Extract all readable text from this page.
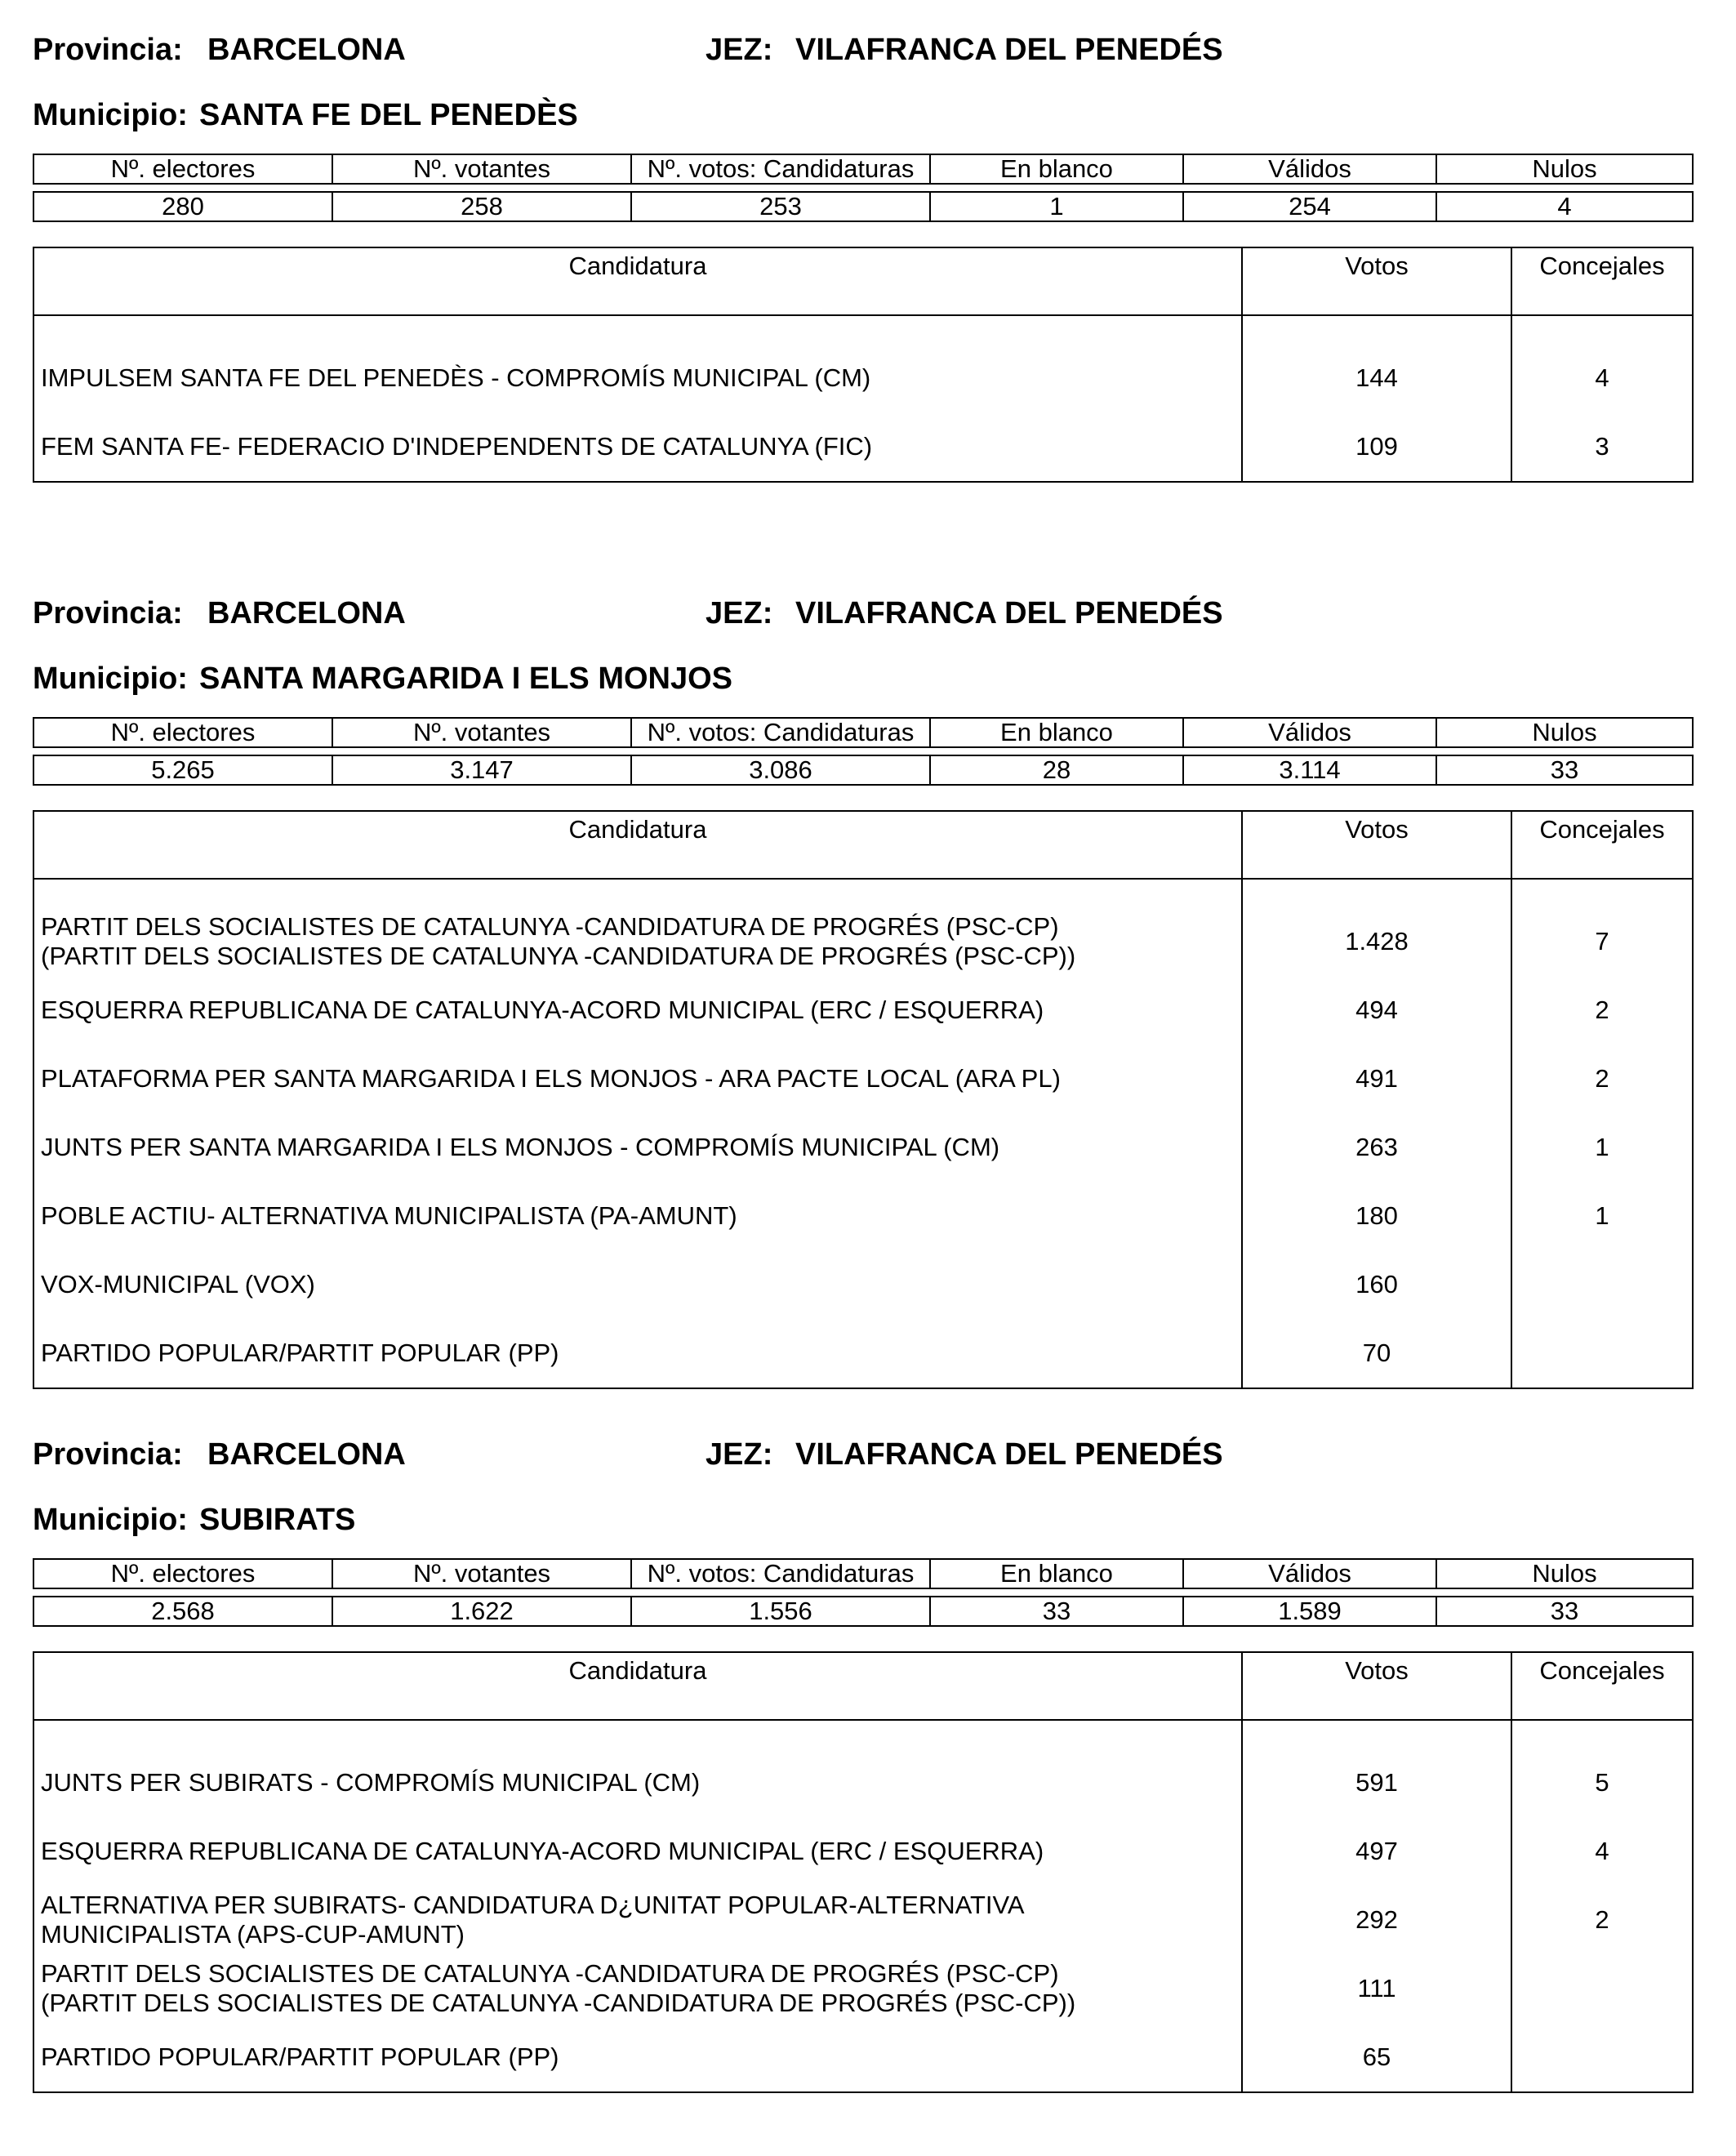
Provincia: BARCELONA	JEZ: VILAFRANCA DEL PENEDÉS
Municipio: SANTA FE DEL PENEDÈS
Nº. electores	Nº. votantes	Nº. votos: Candidaturas	En blanco	Válidos	Nulos

280	258	253	1	254	4
Candidatura	Votos	Concejales

IMPULSEM SANTA FE DEL PENEDÈS - COMPROMÍS MUNICIPAL (CM)	144	4
FEM SANTA FE- FEDERACIO D'INDEPENDENTS DE CATALUNYA (FIC)	109	3
Provincia: BARCELONA	JEZ: VILAFRANCA DEL PENEDÉS
Municipio: SANTA MARGARIDA I ELS MONJOS
Nº. electores	Nº. votantes	Nº. votos: Candidaturas	En blanco	Válidos	Nulos

5.265	3.147	3.086	28	3.114	33
Candidatura	Votos	Concejales

PARTIT DELS SOCIALISTES DE CATALUNYA -CANDIDATURA DE PROGRÉS (PSC-CP)
(PARTIT DELS SOCIALISTES DE CATALUNYA -CANDIDATURA DE PROGRÉS (PSC-CP))	1.428	7
ESQUERRA REPUBLICANA DE CATALUNYA-ACORD MUNICIPAL (ERC / ESQUERRA)	494	2
PLATAFORMA PER SANTA MARGARIDA I ELS MONJOS - ARA PACTE LOCAL (ARA PL)	491	2
JUNTS PER SANTA MARGARIDA I ELS MONJOS - COMPROMÍS MUNICIPAL (CM)	263	1
POBLE ACTIU- ALTERNATIVA MUNICIPALISTA (PA-AMUNT)	180	1
VOX-MUNICIPAL (VOX)	160	
PARTIDO POPULAR/PARTIT POPULAR (PP)	70	
Provincia: BARCELONA	JEZ: VILAFRANCA DEL PENEDÉS
Municipio: SUBIRATS
Nº. electores	Nº. votantes	Nº. votos: Candidaturas	En blanco	Válidos	Nulos

2.568	1.622	1.556	33	1.589	33
Candidatura	Votos	Concejales

JUNTS PER SUBIRATS - COMPROMÍS MUNICIPAL (CM)	591	5
ESQUERRA REPUBLICANA DE CATALUNYA-ACORD MUNICIPAL (ERC / ESQUERRA)	497	4
ALTERNATIVA PER SUBIRATS- CANDIDATURA D¿UNITAT POPULAR-ALTERNATIVA
MUNICIPALISTA (APS-CUP-AMUNT)	292	2
PARTIT DELS SOCIALISTES DE CATALUNYA -CANDIDATURA DE PROGRÉS (PSC-CP)
(PARTIT DELS SOCIALISTES DE CATALUNYA -CANDIDATURA DE PROGRÉS (PSC-CP))	111	
PARTIDO POPULAR/PARTIT POPULAR (PP)	65	
